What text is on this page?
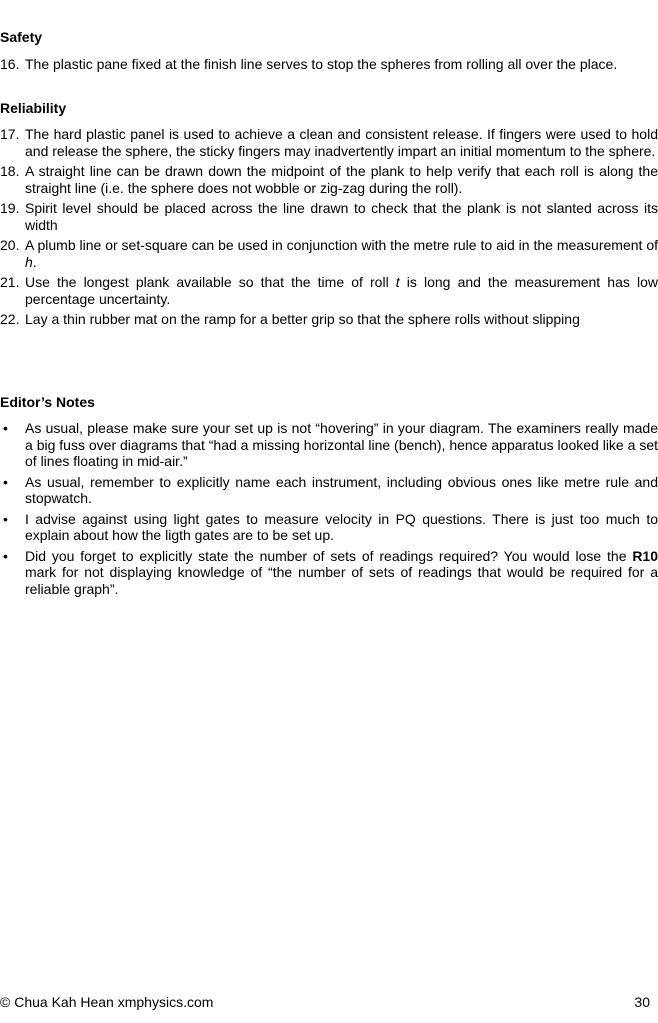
Safety
16. The plastic pane fixed at the finish line serves to stop the spheres from rolling all over the place.
Reliability
17. The hard plastic panel is used to achieve a clean and consistent release. If fingers were used to hold and release the sphere, the sticky fingers may inadvertently impart an initial momentum to the sphere.
18. A straight line can be drawn down the midpoint of the plank to help verify that each roll is along the straight line (i.e. the sphere does not wobble or zig-zag during the roll).
19. Spirit level should be placed across the line drawn to check that the plank is not slanted across its width
20. A plumb line or set-square can be used in conjunction with the metre rule to aid in the measurement of h.
21. Use the longest plank available so that the time of roll t is long and the measurement has low percentage uncertainty.
22. Lay a thin rubber mat on the ramp for a better grip so that the sphere rolls without slipping
Editor’s Notes
• As usual, please make sure your set up is not “hovering” in your diagram. The examiners really made a big fuss over diagrams that “had a missing horizontal line (bench), hence apparatus looked like a set of lines floating in mid-air.”
• As usual, remember to explicitly name each instrument, including obvious ones like metre rule and stopwatch.
• I advise against using light gates to measure velocity in PQ questions. There is just too much to explain about how the ligth gates are to be set up.
• Did you forget to explicitly state the number of sets of readings required? You would lose the R10 mark for not displaying knowledge of “the number of sets of readings that would be required for a reliable graph”.
© Chua Kah Hean xmphysics.com	30
